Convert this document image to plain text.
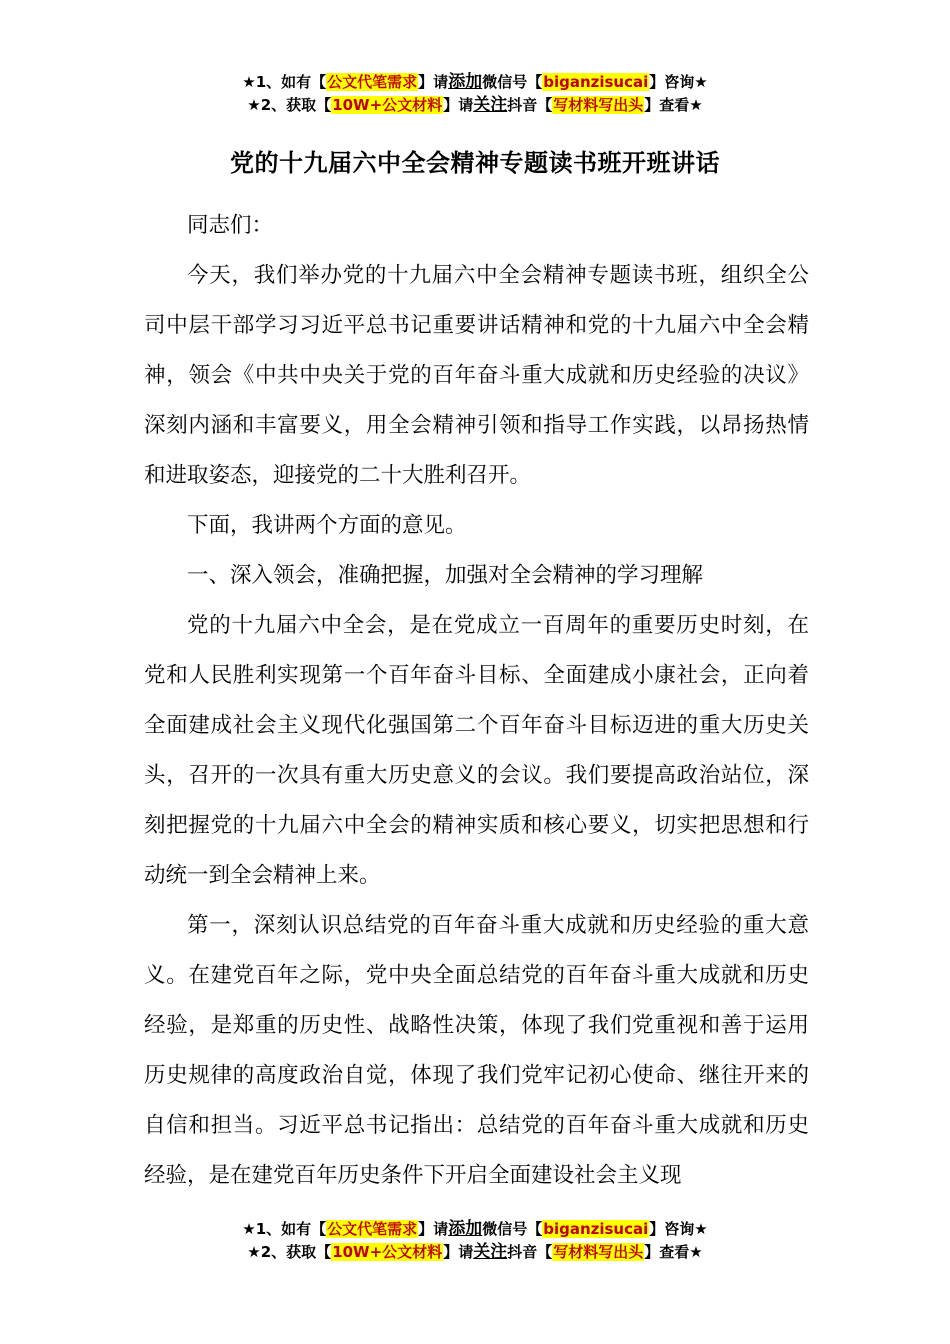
★1、如有【公文代笔需求】请添加微信号【biganzisucai】咨询★
★2、获取【10W+公文材料】请关注抖音【写材料写出头】查看★
党的十九届六中全会精神专题读书班开班讲话

同志们：

今天，我们举办党的十九届六中全会精神专题读书班，组织全公司中层干部学习习近平总书记重要讲话精神和党的十九届六中全会精神，领会《中共中央关于党的百年奋斗重大成就和历史经验的决议》深刻内涵和丰富要义，用全会精神引领和指导工作实践，以昂扬热情和进取姿态，迎接党的二十大胜利召开。

下面，我讲两个方面的意见。

一、深入领会，准确把握，加强对全会精神的学习理解

党的十九届六中全会，是在党成立一百周年的重要历史时刻，在党和人民胜利实现第一个百年奋斗目标、全面建成小康社会，正向着全面建成社会主义现代化强国第二个百年奋斗目标迈进的重大历史关头，召开的一次具有重大历史意义的会议。我们要提高政治站位，深刻把握党的十九届六中全会的精神实质和核心要义，切实把思想和行动统一到全会精神上来。

第一，深刻认识总结党的百年奋斗重大成就和历史经验的重大意义。在建党百年之际，党中央全面总结党的百年奋斗重大成就和历史经验，是郑重的历史性、战略性决策，体现了我们党重视和善于运用历史规律的高度政治自觉，体现了我们党牢记初心使命、继往开来的自信和担当。习近平总书记指出：总结党的百年奋斗重大成就和历史经验，是在建党百年历史条件下开启全面建设社会主义现

★1、如有【公文代笔需求】请添加微信号【biganzisucai】咨询★
★2、获取【10W+公文材料】请关注抖音【写材料写出头】查看★
